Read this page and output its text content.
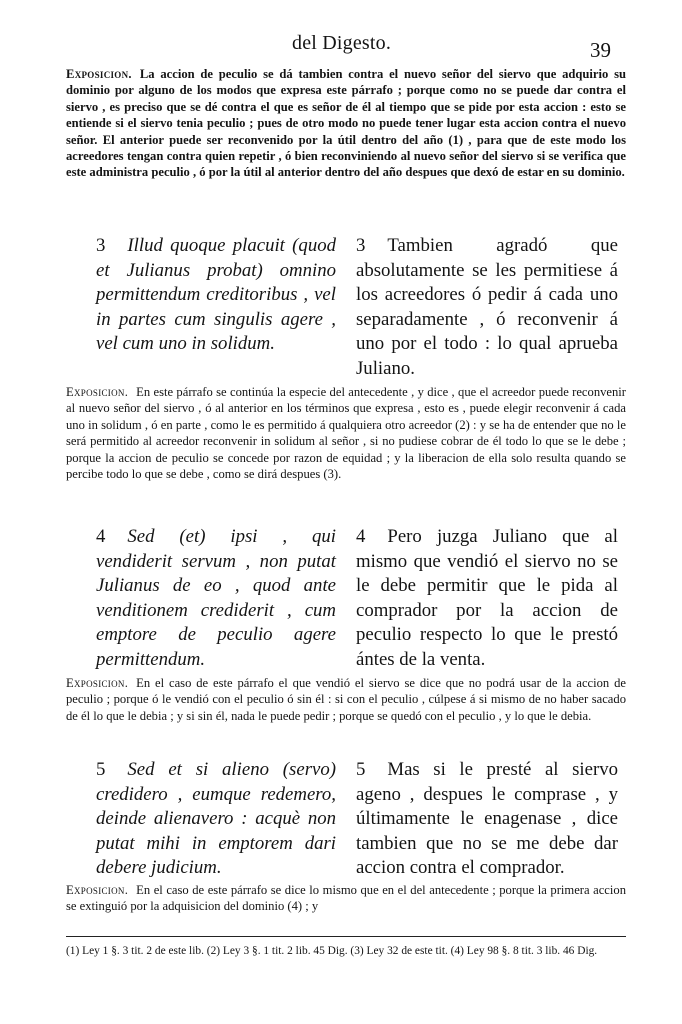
del Digesto.	39

Exposicion. La accion de peculio se dá tambien contra el nuevo señor del siervo que adquirio su dominio por alguno de los modos que expresa este párrafo ; porque como no se puede dar contra el siervo , es preciso que se dé contra el que es señor de él al tiempo que se pide por esta accion : esto se entiende si el siervo tenia peculio ; pues de otro modo no puede tener lugar esta accion contra el nuevo señor. El anterior puede ser reconvenido por la útil dentro del año (1) , para que de este modo los acreedores tengan contra quien repetir , ó bien reconviniendo al nuevo señor del siervo si se verifica que este administra peculio , ó por la útil al anterior dentro del año despues que dexó de estar en su dominio.

3 Illud quoque placuit (quod et Julianus probat) omnino permittendum creditoribus , vel in partes cum singulis agere , vel cum uno in solidum.

3 Tambien agradó que absolutamente se les permitiese á los acreedores ó pedir á cada uno separadamente , ó reconvenir á uno por el todo : lo qual aprueba Juliano.

Exposicion. En este párrafo se continúa la especie del antecedente , y dice , que el acreedor puede reconvenir al nuevo señor del siervo , ó al anterior en los términos que expresa , esto es , puede elegir reconvenir á cada uno in solidum , ó en parte , como le es permitido á qualquiera otro acreedor (2) : y se ha de entender que no le será permitido al acreedor reconvenir in solidum al señor , si no pudiese cobrar de él todo lo que se le debe ; porque la accion de peculio se concede por razon de equidad ; y la liberacion de ella solo resulta quando se percibe todo lo que se debe , como se dirá despues (3).

4 Sed (et) ipsi , qui vendiderit servum , non putat Julianus de eo , quod ante venditionem crediderit , cum emptore de peculio agere permittendum.

4 Pero juzga Juliano que al mismo que vendió el siervo no se le debe permitir que le pida al comprador por la accion de peculio respecto lo que le prestó ántes de la venta.

Exposicion. En el caso de este párrafo el que vendió el siervo se dice que no podrá usar de la accion de peculio ; porque ó le vendió con el peculio ó sin él : si con el peculio , cúlpese á si mismo de no haber sacado de él lo que le debia ; y si sin él, nada le puede pedir ; porque se quedó con el peculio , y lo que le debia.

5 Sed et si alieno (servo) credidero , eumque redemero, deinde alienavero : acquè non putat mihi in emptorem dari debere judicium.

5 Mas si le presté al siervo ageno , despues le comprase , y últimamente le enagenase , dice tambien que no se me debe dar accion contra el comprador.

Exposicion. En el caso de este párrafo se dice lo mismo que en el del antecedente ; porque la primera accion se extinguió por la adquisicion del dominio (4) ; y

(1) Ley 1 §. 3 tit. 2 de este lib. (2) Ley 3 §. 1 tit. 2 lib. 45 Dig. (3) Ley 32 de este tit. (4) Ley 98 §. 8 tit. 3 lib. 46 Dig.
